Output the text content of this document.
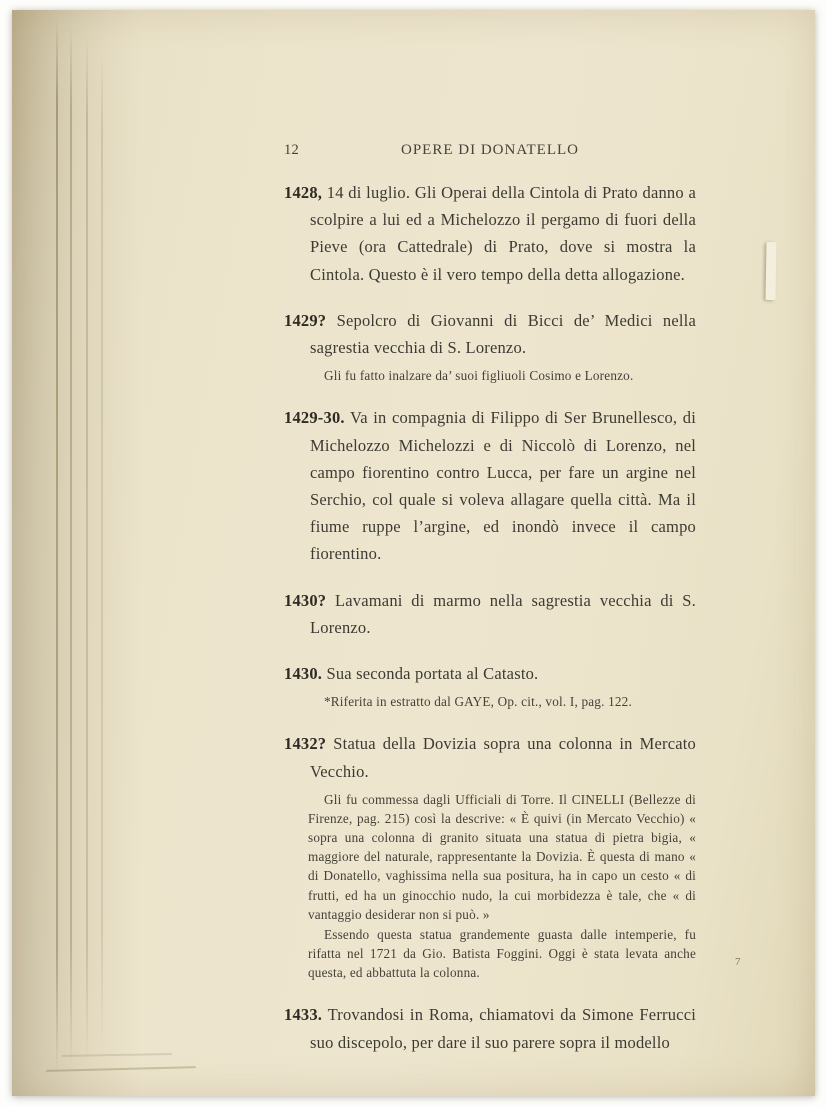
12	OPERE DI DONATELLO

1428, 14 di luglio. Gli Operai della Cintola di Prato danno a scolpire a lui ed a Michelozzo il pergamo di fuori della Pieve (ora Cattedrale) di Prato, dove si mostra la Cintola. Questo è il vero tempo della detta allogazione.

1429? Sepolcro di Giovanni di Bicci de’ Medici nella sagrestia vecchia di S. Lorenzo.

Gli fu fatto inalzare da’ suoi figliuoli Cosimo e Lorenzo.

1429-30. Va in compagnia di Filippo di Ser Brunellesco, di Michelozzo Michelozzi e di Niccolò di Lorenzo, nel campo fiorentino contro Lucca, per fare un argine nel Serchio, col quale si voleva allagare quella città. Ma il fiume ruppe l’argine, ed inondò invece il campo fiorentino.

1430? Lavamani di marmo nella sagrestia vecchia di S. Lorenzo.

1430. Sua seconda portata al Catasto.

*Riferita in estratto dal GAYE, Op. cit., vol. I, pag. 122.

1432? Statua della Dovizia sopra una colonna in Mercato Vecchio.

Gli fu commessa dagli Ufficiali di Torre. Il CINELLI (Bellezze di Firenze, pag. 215) così la descrive: « È quivi (in Mercato Vecchio) « sopra una colonna di granito situata una statua di pietra bigia, « maggiore del naturale, rappresentante la Dovizia. È questa di mano « di Donatello, vaghissima nella sua positura, ha in capo un cesto « di frutti, ed ha un ginocchio nudo, la cui morbidezza è tale, che « di vantaggio desiderar non si può. »

Essendo questa statua grandemente guasta dalle intemperie, fu rifatta nel 1721 da Gio. Batista Foggini. Oggi è stata levata anche questa, ed abbattuta la colonna.

1433. Trovandosi in Roma, chiamatovi da Simone Ferrucci suo discepolo, per dare il suo parere sopra il modello

7
